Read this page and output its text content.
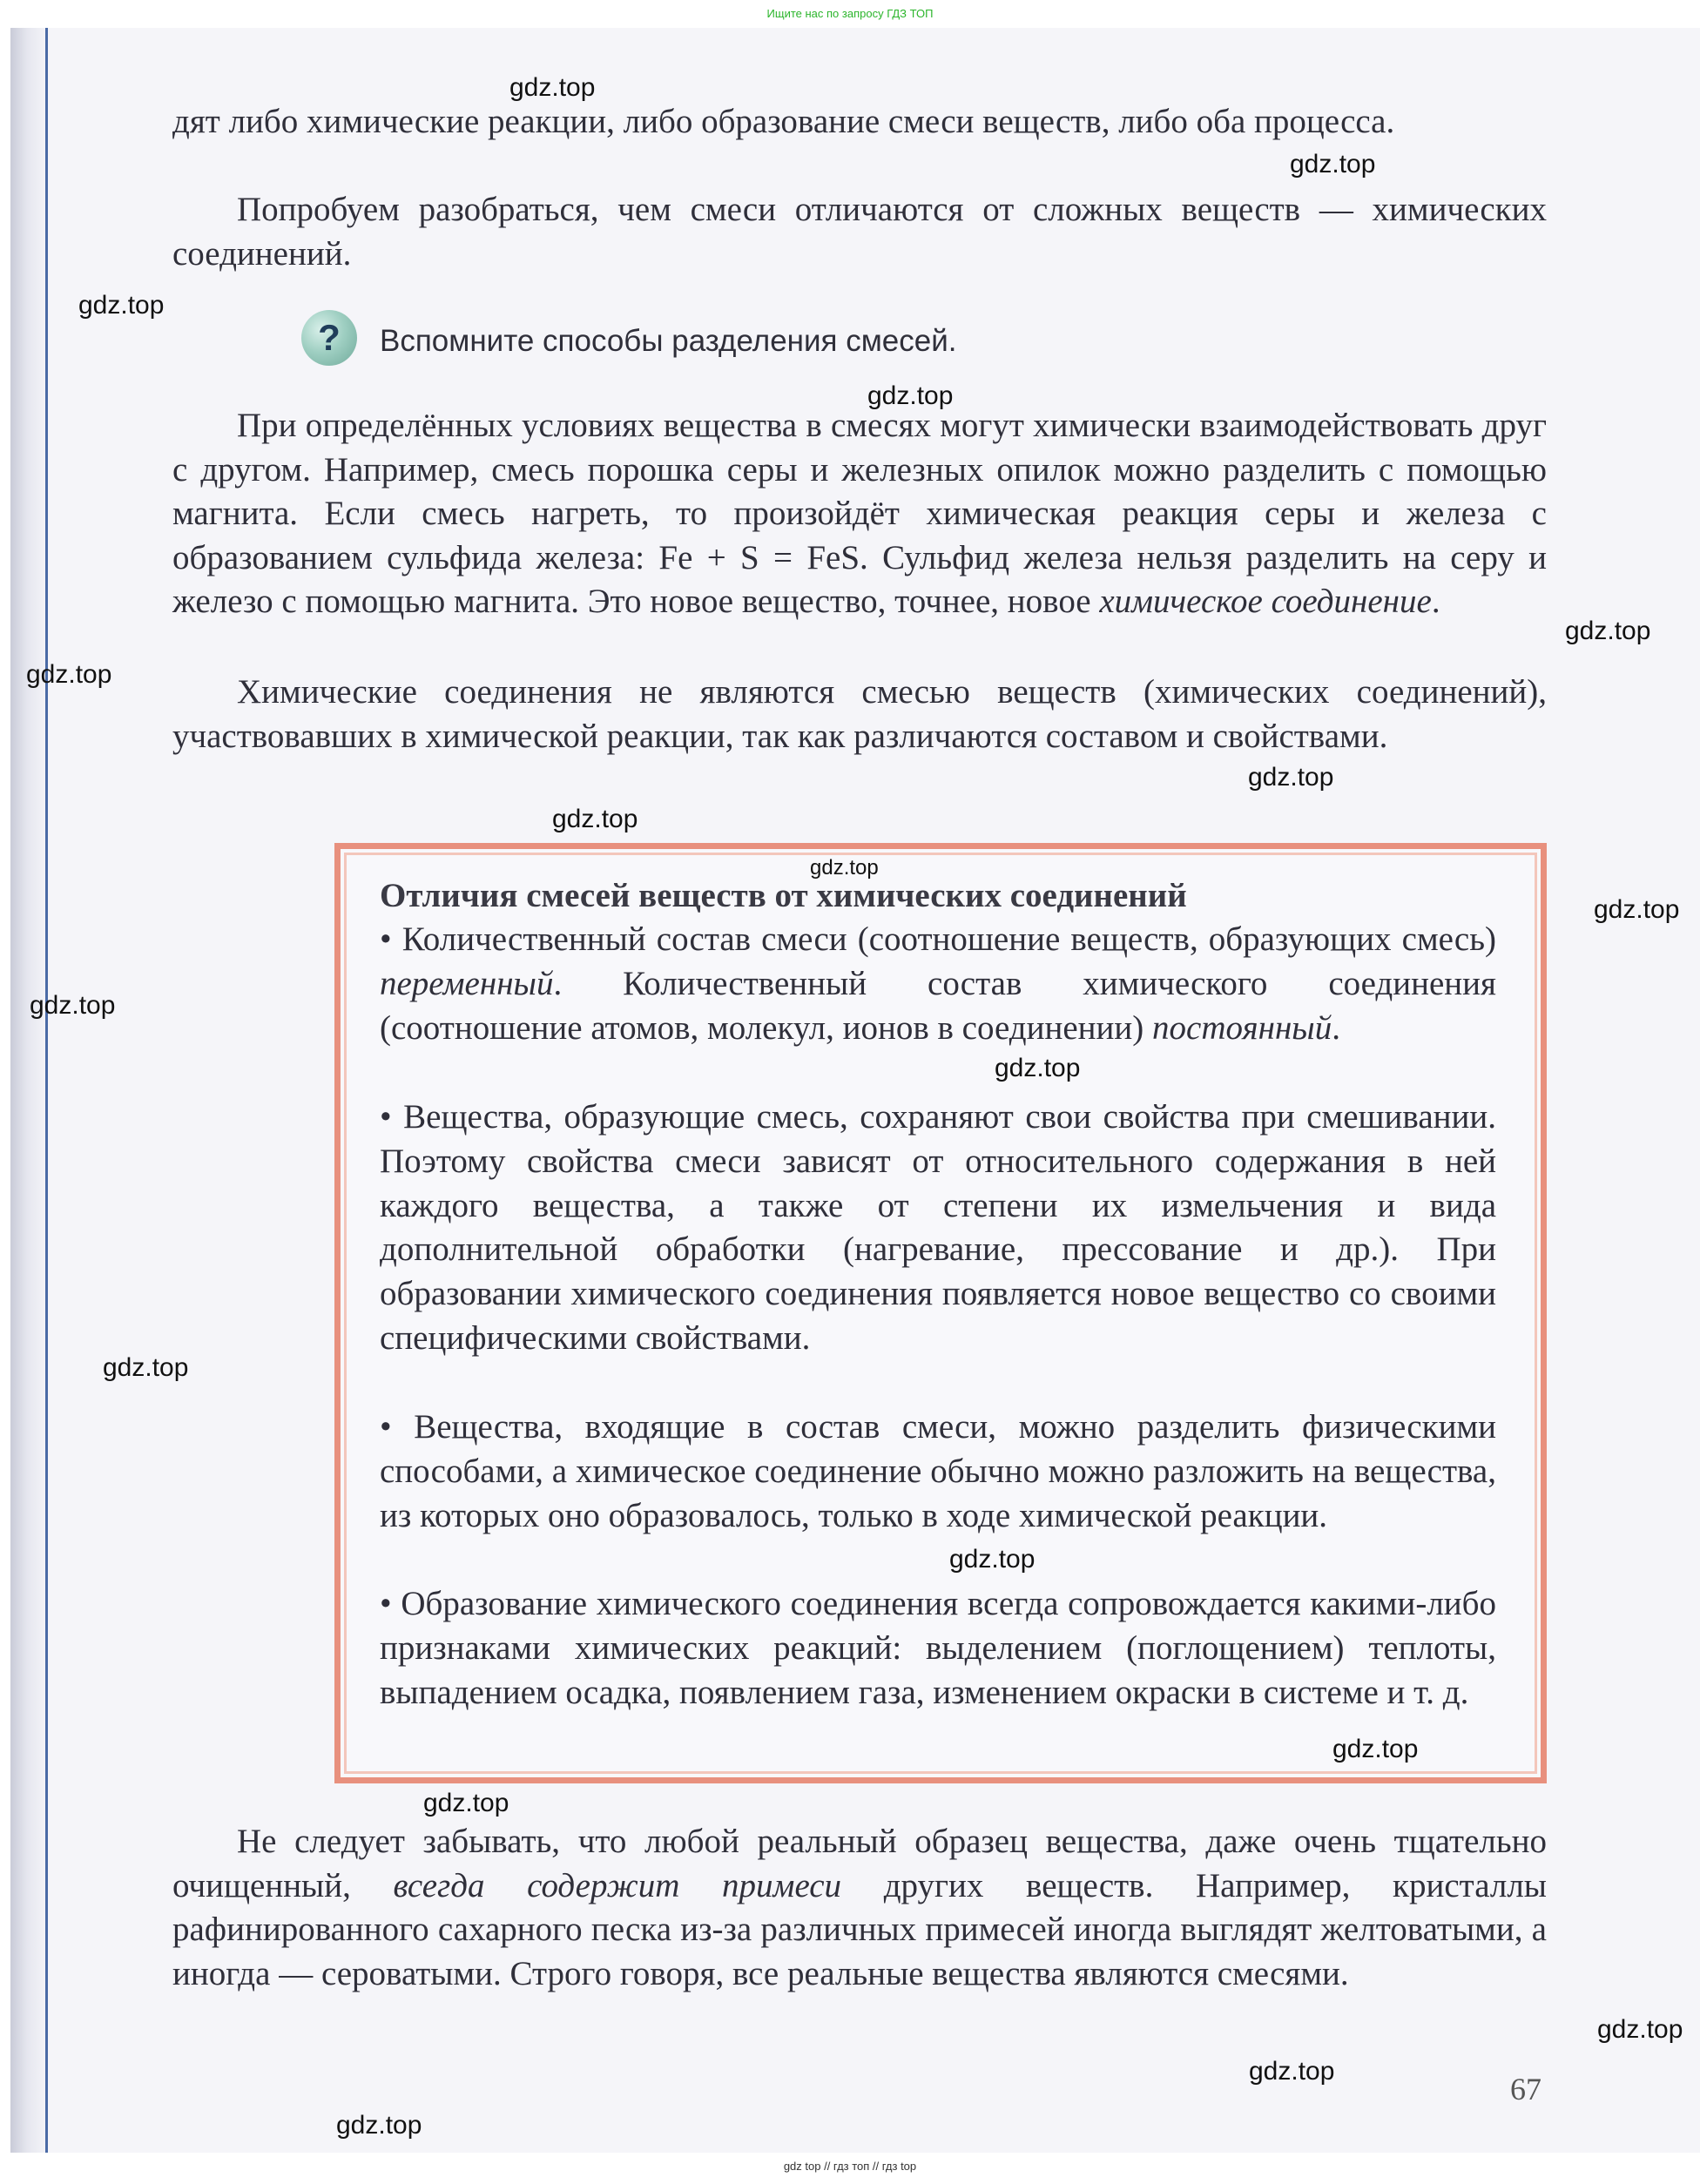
Ищите нас по запросу ГДЗ ТОП

дят либо химические реакции, либо образование смеси веществ, либо оба процесса.

Попробуем разобраться, чем смеси отличаются от сложных веществ — химических соединений.

?	Вспомните способы разделения смесей.

При определённых условиях вещества в смесях могут химически взаимодействовать друг с другом. Например, смесь порошка серы и железных опилок можно разделить с помощью магнита. Если смесь нагреть, то произойдёт химическая реакция серы и железа с образованием сульфида железа: Fe + S = FeS. Сульфид железа нельзя разделить на серу и железо с помощью магнита. Это новое вещество, точнее, новое химическое соединение.

Химические соединения не являются смесью веществ (химических соединений), участвовавших в химической реакции, так как различаются составом и свойствами.

Отличия смесей веществ от химических соединений

• Количественный состав смеси (соотношение веществ, образующих смесь) переменный. Количественный состав химического соединения (соотношение атомов, молекул, ионов в соединении) постоянный.

• Вещества, образующие смесь, сохраняют свои свойства при смешивании. Поэтому свойства смеси зависят от относительного содержания в ней каждого вещества, а также от степени их измельчения и вида дополнительной обработки (нагревание, прессование и др.). При образовании химического соединения появляется новое вещество со своими специфическими свойствами.

• Вещества, входящие в состав смеси, можно разделить физическими способами, а химическое соединение обычно можно разложить на вещества, из которых оно образовалось, только в ходе химической реакции.

• Образование химического соединения всегда сопровождается какими-либо признаками химических реакций: выделением (поглощением) теплоты, выпадением осадка, появлением газа, изменением окраски в системе и т. д.

Не следует забывать, что любой реальный образец вещества, даже очень тщательно очищенный, всегда содержит примеси других веществ. Например, кристаллы рафинированного сахарного песка из-за различных примесей иногда выглядят желтоватыми, а иногда — сероватыми. Строго говоря, все реальные вещества являются смесями.

67
gdz.top
gdz.top
gdz.top
gdz.top
gdz.top
gdz.top
gdz.top
gdz.top
gdz.top
gdz.top
gdz.top
gdz.top
gdz.top
gdz.top
gdz.top
gdz.top
gdz.top
gdz.top
gdz.top
gdz top // гдз топ // гдз top
